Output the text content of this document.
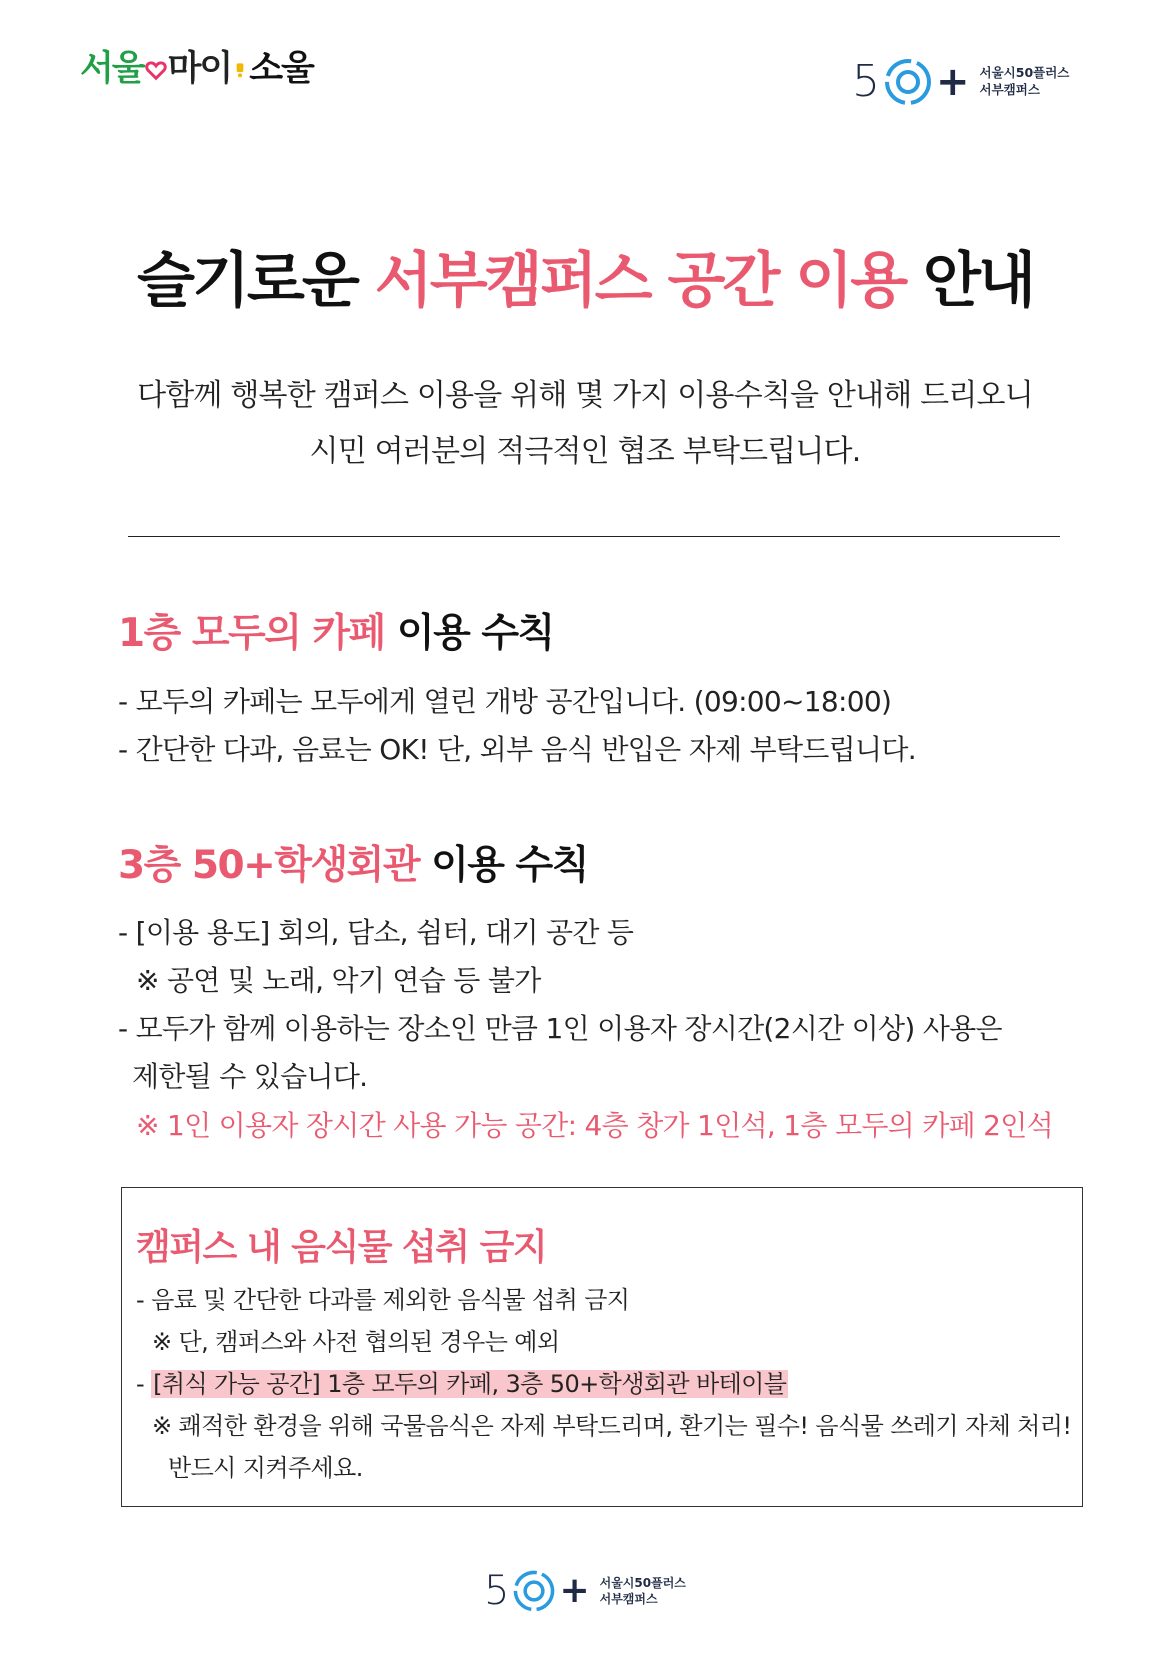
서울 마이 소울	5 + 서울시50플러스
서부캠퍼스
슬기로운 서부캠퍼스 공간 이용 안내
다함께 행복한 캠퍼스 이용을 위해 몇 가지 이용수칙을 안내해 드리오니
시민 여러분의 적극적인 협조 부탁드립니다.
1층 모두의 카페 이용 수칙
- 모두의 카페는 모두에게 열린 개방 공간입니다. (09:00~18:00)
- 간단한 다과, 음료는 OK! 단, 외부 음식 반입은 자제 부탁드립니다.
3층 50+학생회관 이용 수칙
- [이용 용도] 회의, 담소, 쉼터, 대기 공간 등
※ 공연 및 노래, 악기 연습 등 불가
- 모두가 함께 이용하는 장소인 만큼 1인 이용자 장시간(2시간 이상) 사용은
제한될 수 있습니다.
※ 1인 이용자 장시간 사용 가능 공간: 4층 창가 1인석, 1층 모두의 카페 2인석
캠퍼스 내 음식물 섭취 금지
- 음료 및 간단한 다과를 제외한 음식물 섭취 금지
※ 단, 캠퍼스와 사전 협의된 경우는 예외
- [취식 가능 공간] 1층 모두의 카페, 3층 50+학생회관 바테이블
※ 쾌적한 환경을 위해 국물음식은 자제 부탁드리며, 환기는 필수! 음식물 쓰레기 자체 처리!
반드시 지켜주세요.
5 + 서울시50플러스
서부캠퍼스
